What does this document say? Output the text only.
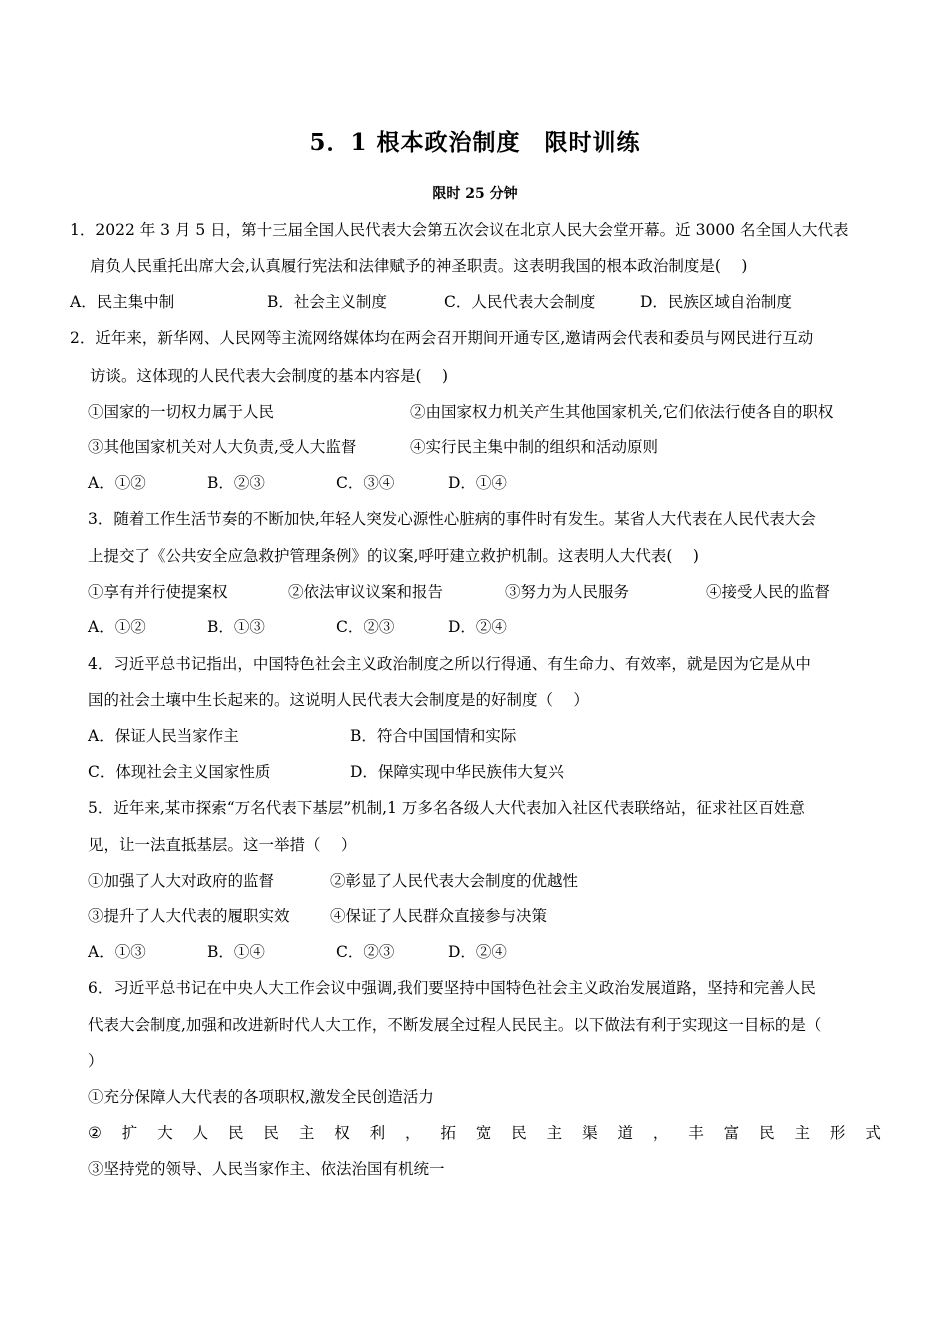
5．1 根本政治制度　限时训练
限时 25 分钟
1．2022 年 3 月 5 日，第十三届全国人民代表大会第五次会议在北京人民大会堂开幕。近 3000 名全国人大代表
肩负人民重托出席大会,认真履行宪法和法律赋予的神圣职责。这表明我国的根本政治制度是(　 )
A．民主集中制	B．社会主义制度	C．人民代表大会制度	D．民族区域自治制度
2．近年来，新华网、人民网等主流网络媒体均在两会召开期间开通专区,邀请两会代表和委员与网民进行互动
访谈。这体现的人民代表大会制度的基本内容是(　 )
①国家的一切权力属于人民	②由国家权力机关产生其他国家机关,它们依法行使各自的职权
③其他国家机关对人大负责,受人大监督	④实行民主集中制的组织和活动原则
A．①②	B．②③	C．③④	D．①④
3．随着工作生活节奏的不断加快,年轻人突发心源性心脏病的事件时有发生。某省人大代表在人民代表大会
上提交了《公共安全应急救护管理条例》的议案,呼吁建立救护机制。这表明人大代表(　 )
①享有并行使提案权	②依法审议议案和报告	③努力为人民服务	④接受人民的监督
A．①②	B．①③	C．②③	D．②④
4．习近平总书记指出，中国特色社会主义政治制度之所以行得通、有生命力、有效率，就是因为它是从中
国的社会土壤中生长起来的。这说明人民代表大会制度是的好制度（　 ）
A．保证人民当家作主	B．符合中国国情和实际
C．体现社会主义国家性质	D．保障实现中华民族伟大复兴
5．近年来,某市探索“万名代表下基层”机制,1 万多名各级人大代表加入社区代表联络站，征求社区百姓意
见，让一法直抵基层。这一举措（　 ）
①加强了人大对政府的监督	②彰显了人民代表大会制度的优越性
③提升了人大代表的履职实效	④保证了人民群众直接参与决策
A．①③	B．①④	C．②③	D．②④
6．习近平总书记在中央人大工作会议中强调,我们要坚持中国特色社会主义政治发展道路，坚持和完善人民
代表大会制度,加强和改进新时代人大工作，不断发展全过程人民民主。以下做法有利于实现这一目标的是（
）
①充分保障人大代表的各项职权,激发全民创造活力
② 扩 大 人 民 民 主 权 利 ， 拓 宽 民 主 渠 道 ， 丰 富 民 主 形 式
③坚持党的领导、人民当家作主、依法治国有机统一
